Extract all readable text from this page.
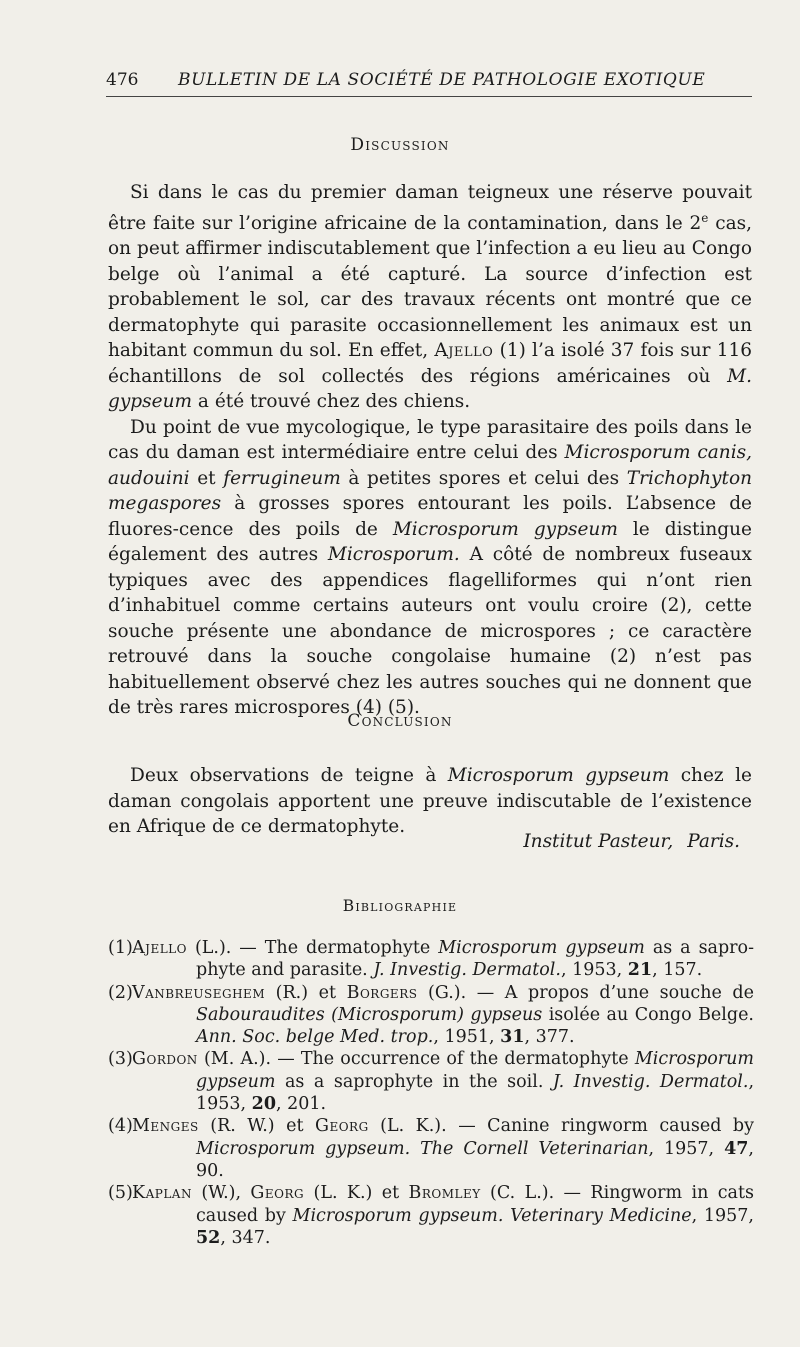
476 BULLETIN DE LA SOCIÉTÉ DE PATHOLOGIE EXOTIQUE
Discussion

Si dans le cas du premier daman teigneux une réserve pouvait être faite sur l’origine africaine de la contamination, dans le 2e cas, on peut affirmer indiscutablement que l’infection a eu lieu au Congo belge où l’animal a été capturé. La source d’infection est probablement le sol, car des travaux récents ont montré que ce dermatophyte qui parasite occasionnellement les animaux est un habitant commun du sol. En effet, Ajello (1) l’a isolé 37 fois sur 116 échantillons de sol collectés des régions américaines où M. gypseum a été trouvé chez des chiens.

Du point de vue mycologique, le type parasitaire des poils dans le cas du daman est intermédiaire entre celui des Microsporum canis, audouini et ferrugineum à petites spores et celui des Trichophyton megaspores à grosses spores entourant les poils. L’absence de fluores-cence des poils de Microsporum gypseum le distingue également des autres Microsporum. A côté de nombreux fuseaux typiques avec des appendices flagelliformes qui n’ont rien d’inhabituel comme certains auteurs ont voulu croire (2), cette souche présente une abondance de microspores ; ce caractère retrouvé dans la souche congolaise humaine (2) n’est pas habituellement observé chez les autres souches qui ne donnent que de très rares microspores (4) (5).

Conclusion

Deux observations de teigne à Microsporum gypseum chez le daman congolais apportent une preuve indiscutable de l’existence en Afrique de ce dermatophyte.

Institut Pasteur, Paris.
Bibliographie

(1)Ajello (L.). — The dermatophyte Microsporum gypseum as a sapro-phyte and parasite. J. Investig. Dermatol., 1953, 21, 157.

(2)Vanbreuseghem (R.) et Borgers (G.). — A propos d’une souche de Sabouraudites (Microsporum) gypseus isolée au Congo Belge. Ann. Soc. belge Med. trop., 1951, 31, 377.

(3)Gordon (M. A.). — The occurrence of the dermatophyte Microsporum gypseum as a saprophyte in the soil. J. Investig. Dermatol., 1953, 20, 201.

(4)Menges (R. W.) et Georg (L. K.). — Canine ringworm caused by Microsporum gypseum. The Cornell Veterinarian, 1957, 47, 90.

(5)Kaplan (W.), Georg (L. K.) et Bromley (C. L.). — Ringworm in cats caused by Microsporum gypseum. Veterinary Medicine, 1957, 52, 347.
